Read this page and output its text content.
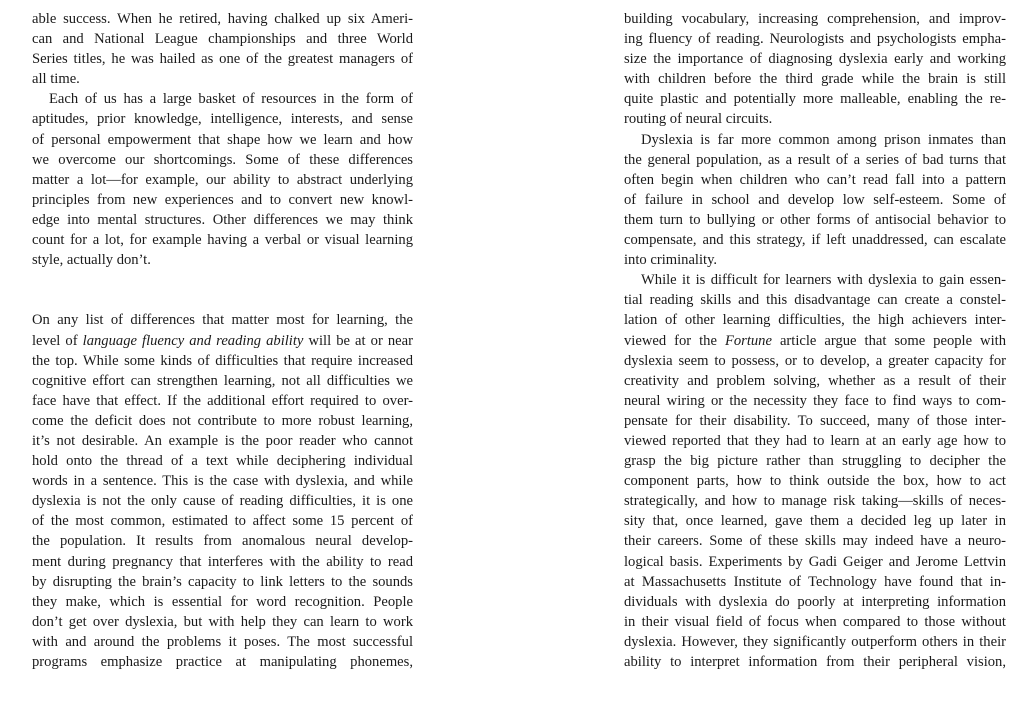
able success. When he retired, having chalked up six Ameri-
can and National League championships and three World
Series titles, he was hailed as one of the greatest managers of
all time.
Each of us has a large basket of resources in the form of
aptitudes, prior knowledge, intelligence, interests, and sense
of personal empowerment that shape how we learn and how
we overcome our shortcomings. Some of these differences
matter a lot—for example, our ability to abstract underlying
principles from new experiences and to convert new knowl-
edge into mental structures. Other differences we may think
count for a lot, for example having a verbal or visual learning
style, actually don’t.
On any list of differences that matter most for learning, the
level of language fluency and reading ability will be at or near
the top. While some kinds of difficulties that require increased
cognitive effort can strengthen learning, not all difficulties we
face have that effect. If the additional effort required to over-
come the deficit does not contribute to more robust learning,
it’s not desirable. An example is the poor reader who cannot
hold onto the thread of a text while deciphering individual
words in a sentence. This is the case with dyslexia, and while
dyslexia is not the only cause of reading difficulties, it is one
of the most common, estimated to affect some 15 percent of
the population. It results from anomalous neural develop-
ment during pregnancy that interferes with the ability to read
by disrupting the brain’s capacity to link letters to the sounds
they make, which is essential for word recognition. People
don’t get over dyslexia, but with help they can learn to work
with and around the problems it poses. The most successful
programs emphasize practice at manipulating phonemes,
building vocabulary, increasing comprehension, and improv-
ing fluency of reading. Neurologists and psychologists empha-
size the importance of diagnosing dyslexia early and working
with children before the third grade while the brain is still
quite plastic and potentially more malleable, enabling the re-
routing of neural circuits.
Dyslexia is far more common among prison inmates than
the general population, as a result of a series of bad turns that
often begin when children who can’t read fall into a pattern
of failure in school and develop low self-esteem. Some of
them turn to bullying or other forms of antisocial behavior to
compensate, and this strategy, if left unaddressed, can escalate
into criminality.
While it is difficult for learners with dyslexia to gain essen-
tial reading skills and this disadvantage can create a constel-
lation of other learning difficulties, the high achievers inter-
viewed for the Fortune article argue that some people with
dyslexia seem to possess, or to develop, a greater capacity for
creativity and problem solving, whether as a result of their
neural wiring or the necessity they face to find ways to com-
pensate for their disability. To succeed, many of those inter-
viewed reported that they had to learn at an early age how to
grasp the big picture rather than struggling to decipher the
component parts, how to think outside the box, how to act
strategically, and how to manage risk taking—skills of neces-
sity that, once learned, gave them a decided leg up later in
their careers. Some of these skills may indeed have a neuro-
logical basis. Experiments by Gadi Geiger and Jerome Lettvin
at Massachusetts Institute of Technology have found that in-
dividuals with dyslexia do poorly at interpreting information
in their visual field of focus when compared to those without
dyslexia. However, they significantly outperform others in their
ability to interpret information from their peripheral vision,
